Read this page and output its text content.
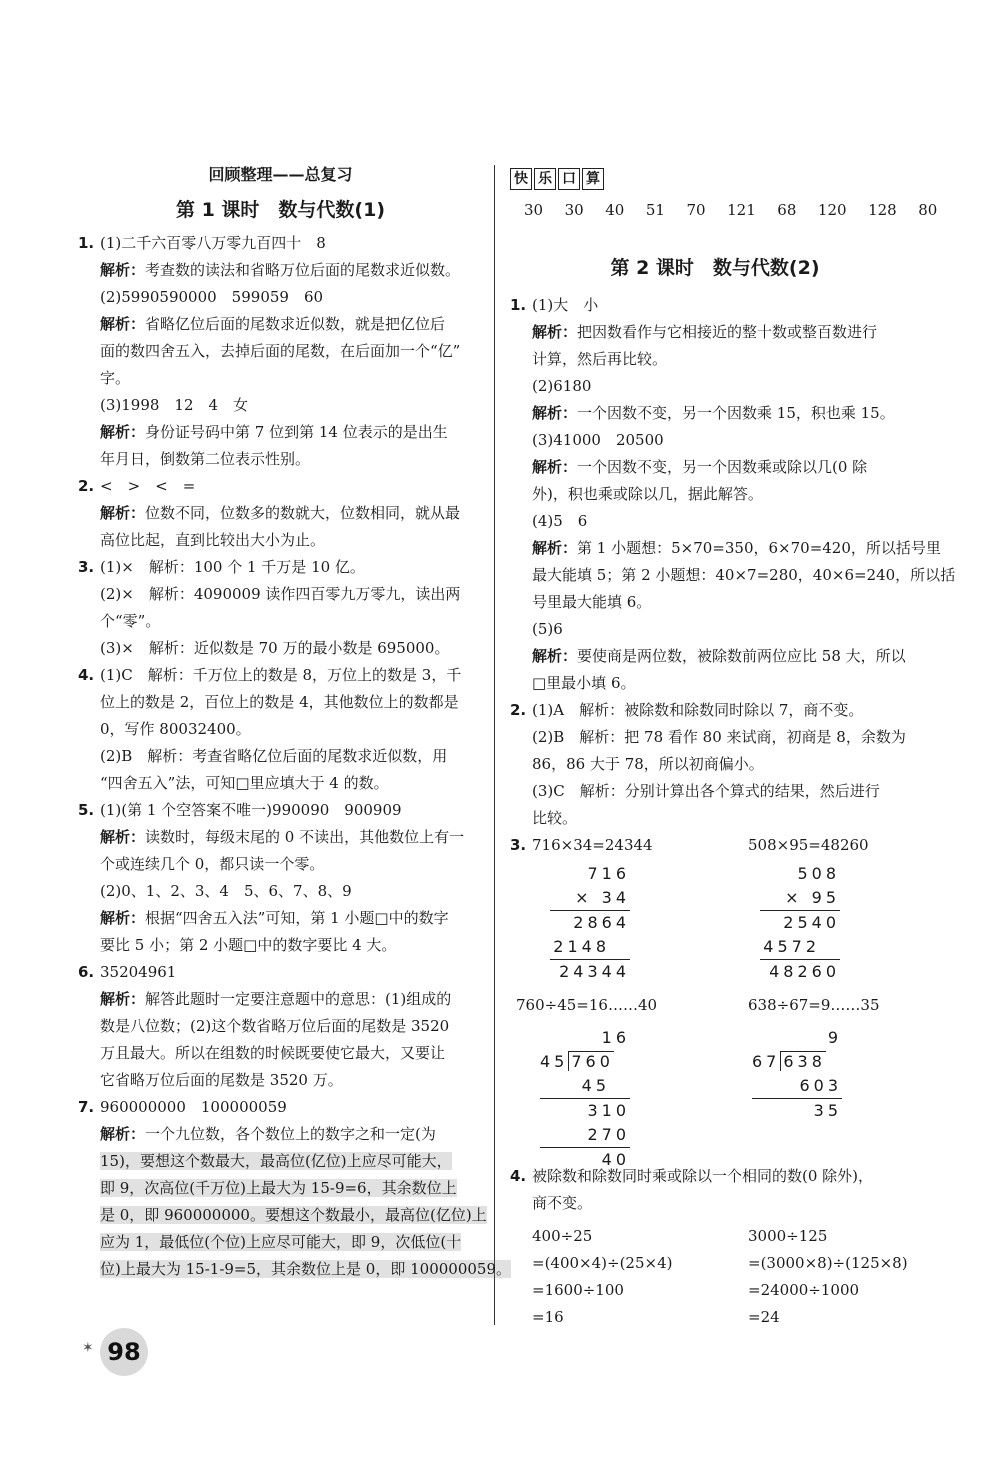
回顾整理——总复习
第 1 课时　数与代数(1)
1. (1)二千六百零八万零九百四十　8
解析：考查数的读法和省略万位后面的尾数求近似数。
(2)5990590000　599059　60
解析：省略亿位后面的尾数求近似数，就是把亿位后
面的数四舍五入，去掉后面的尾数，在后面加一个“亿”
字。
(3)1998　12　4　女
解析：身份证号码中第 7 位到第 14 位表示的是出生
年月日，倒数第二位表示性别。
2. <　>　<　=
解析：位数不同，位数多的数就大，位数相同，就从最
高位比起，直到比较出大小为止。
3. (1)×　解析：100 个 1 千万是 10 亿。
(2)×　解析：4090009 读作四百零九万零九，读出两
个“零”。
(3)×　解析：近似数是 70 万的最小数是 695000。
4. (1)C　解析：千万位上的数是 8，万位上的数是 3，千
位上的数是 2，百位上的数是 4，其他数位上的数都是
0，写作 80032400。
(2)B　解析：考查省略亿位后面的尾数求近似数，用
“四舍五入”法，可知□里应填大于 4 的数。
5. (1)(第 1 个空答案不唯一)990090　900909
解析：读数时，每级末尾的 0 不读出，其他数位上有一
个或连续几个 0，都只读一个零。
(2)0、1、2、3、4　5、6、7、8、9
解析：根据“四舍五入法”可知，第 1 小题□中的数字
要比 5 小；第 2 小题□中的数字要比 4 大。
6. 35204961
解析：解答此题时一定要注意题中的意思：(1)组成的
数是八位数；(2)这个数省略万位后面的尾数是 3520
万且最大。所以在组数的时候既要使它最大，又要让
它省略万位后面的尾数是 3520 万。
7. 960000000　100000059
解析：一个九位数，各个数位上的数字之和一定(为
15)，要想这个数最大，最高位(亿位)上应尽可能大，
即 9，次高位(千万位)上最大为 15-9=6，其余数位上
是 0，即 960000000。要想这个数最小，最高位(亿位)上
应为 1，最低位(个位)上应尽可能大，即 9，次低位(十
位)上最大为 15-1-9=5，其余数位上是 0，即 100000059。
快 乐 口 算
30  30  40  51  70  121  68  120  128  80
第 2 课时　数与代数(2)
1. (1)大　小
解析：把因数看作与它相接近的整十数或整百数进行
计算，然后再比较。
(2)6180
解析：一个因数不变，另一个因数乘 15，积也乘 15。
(3)41000　20500
解析：一个因数不变，另一个因数乘或除以几(0 除
外)，积也乘或除以几，据此解答。
(4)5　6
解析：第 1 小题想：5×70=350，6×70=420，所以括号里
最大能填 5；第 2 小题想：40×7=280，40×6=240，所以括
号里最大能填 6。
(5)6
解析：要使商是两位数，被除数前两位应比 58 大，所以
□里最小填 6。
2. (1)A　解析：被除数和除数同时除以 7，商不变。
(2)B　解析：把 78 看作 80 来试商，初商是 8，余数为
86，86 大于 78，所以初商偏小。
(3)C　解析：分别计算出各个算式的结果，然后进行
比较。
3. 716×34=24344	508×95=48260
716
× 34
2864
2148
24344
508
× 95
2540
4572
48260
760÷45=16……40	638÷67=9……35
16
45 760
45
310
270
40
9
67 638
603
35
4. 被除数和除数同时乘或除以一个相同的数(0 除外)，
商不变。
400÷25
=(400×4)÷(25×4)
=1600÷100
=16
3000÷125
=(3000×8)÷(125×8)
=24000÷1000
=24
✶ 98
